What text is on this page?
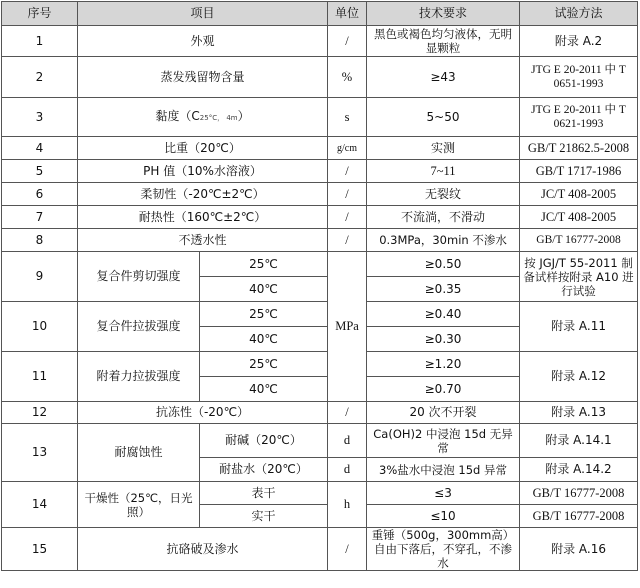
序号	项目		单位	技术要求	试验方法
1	外观		/	黑色或褐色均匀液体，无明显颗粒	附录 A.2
2	蒸发残留物含量		%	≥43	JTG E 20-2011 中 T 0651-1993
3	黏度（C25°C， 4m）		s	5~50	JTG E 20-2011 中 T 0621-1993
4	比重（20℃）		g/cm	实测	GB/T 21862.5-2008
5	PH 值（10%水溶液）		/	7~11	GB/T 1717-1986
6	柔韧性（-20℃±2℃）		/	无裂纹	JC/T 408-2005
7	耐热性（160℃±2℃）		/	不流淌，不滑动	JC/T 408-2005
8	不透水性		/	0.3MPa，30min 不渗水	GB/T 16777-2008
9	复合件剪切强度	25℃	MPa	≥0.50	按 JGJ/T 55-2011 制备试样按附录 A10 进行试验
		40℃		≥0.35	
10	复合件拉拔强度	25℃		≥0.40	附录 A.11
		40℃		≥0.30	
11	附着力拉拔强度	25℃		≥1.20	附录 A.12
		40℃		≥0.70	
12	抗冻性（-20℃）		/	20 次不开裂	附录 A.13
13	耐腐蚀性	耐碱（20℃）	d	Ca(OH)2 中浸泡 15d 无异常	附录 A.14.1
		耐盐水（20℃）	d	3%盐水中浸泡 15d 异常	附录 A.14.2
14	干燥性（25℃，日光照）	表干	h	≤3	GB/T 16777-2008
		实干		≤10	GB/T 16777-2008
15	抗硌破及渗水		/	重锤（500g，300mm高）自由下落后，不穿孔，不渗水	附录 A.16
